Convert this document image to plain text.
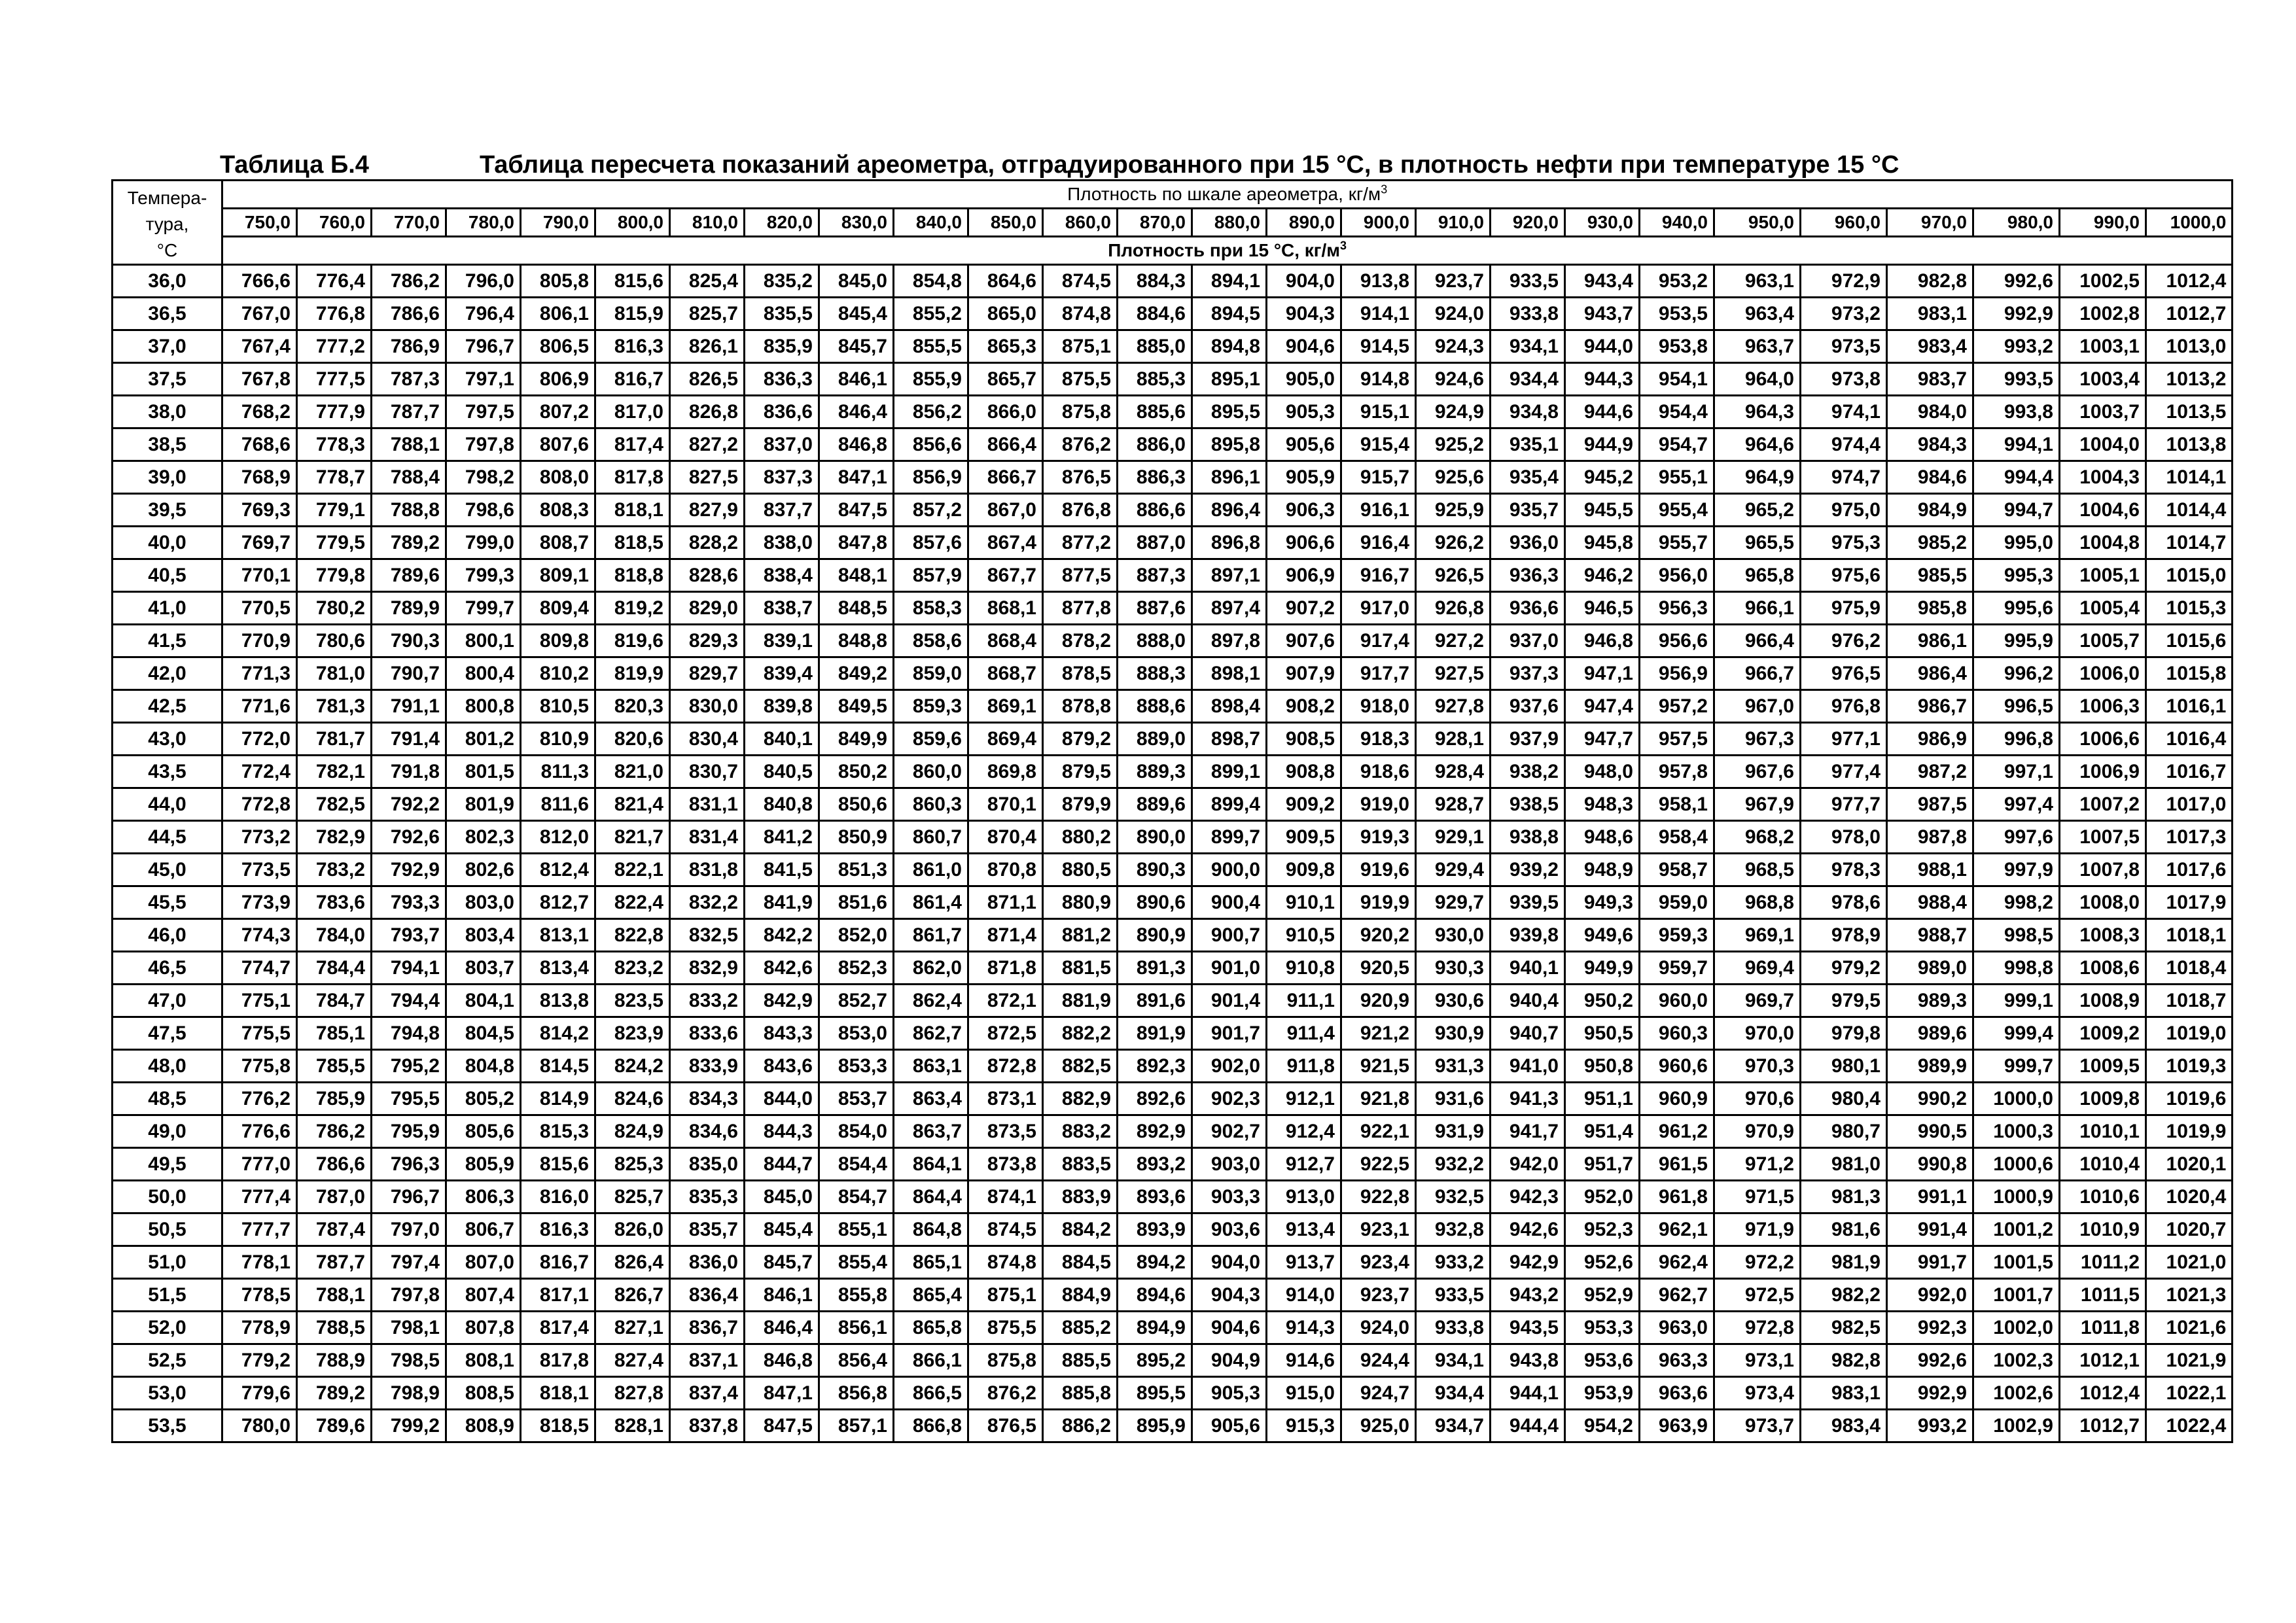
Таблица Б.4	Таблица пересчета показаний ареометра, отградуированного при 15 °С, в плотность нефти при температуре 15 °С
Темпера-
тура,
°С	Плотность по шкале ареометра, $кг/м^3$
	750,0	760,0	770,0	780,0	790,0	800,0	810,0	820,0	830,0	840,0	850,0	860,0	870,0	880,0	890,0	900,0	910,0	920,0	930,0	940,0	950,0	960,0	970,0	980,0	990,0	1000,0
	Плотность при 15 °С, $кг/м^3$
36,0	766,6	776,4	786,2	796,0	805,8	815,6	825,4	835,2	845,0	854,8	864,6	874,5	884,3	894,1	904,0	913,8	923,7	933,5	943,4	953,2	963,1	972,9	982,8	992,6	1002,5	1012,4
36,5	767,0	776,8	786,6	796,4	806,1	815,9	825,7	835,5	845,4	855,2	865,0	874,8	884,6	894,5	904,3	914,1	924,0	933,8	943,7	953,5	963,4	973,2	983,1	992,9	1002,8	1012,7
37,0	767,4	777,2	786,9	796,7	806,5	816,3	826,1	835,9	845,7	855,5	865,3	875,1	885,0	894,8	904,6	914,5	924,3	934,1	944,0	953,8	963,7	973,5	983,4	993,2	1003,1	1013,0
37,5	767,8	777,5	787,3	797,1	806,9	816,7	826,5	836,3	846,1	855,9	865,7	875,5	885,3	895,1	905,0	914,8	924,6	934,4	944,3	954,1	964,0	973,8	983,7	993,5	1003,4	1013,2
38,0	768,2	777,9	787,7	797,5	807,2	817,0	826,8	836,6	846,4	856,2	866,0	875,8	885,6	895,5	905,3	915,1	924,9	934,8	944,6	954,4	964,3	974,1	984,0	993,8	1003,7	1013,5
38,5	768,6	778,3	788,1	797,8	807,6	817,4	827,2	837,0	846,8	856,6	866,4	876,2	886,0	895,8	905,6	915,4	925,2	935,1	944,9	954,7	964,6	974,4	984,3	994,1	1004,0	1013,8
39,0	768,9	778,7	788,4	798,2	808,0	817,8	827,5	837,3	847,1	856,9	866,7	876,5	886,3	896,1	905,9	915,7	925,6	935,4	945,2	955,1	964,9	974,7	984,6	994,4	1004,3	1014,1
39,5	769,3	779,1	788,8	798,6	808,3	818,1	827,9	837,7	847,5	857,2	867,0	876,8	886,6	896,4	906,3	916,1	925,9	935,7	945,5	955,4	965,2	975,0	984,9	994,7	1004,6	1014,4
40,0	769,7	779,5	789,2	799,0	808,7	818,5	828,2	838,0	847,8	857,6	867,4	877,2	887,0	896,8	906,6	916,4	926,2	936,0	945,8	955,7	965,5	975,3	985,2	995,0	1004,8	1014,7
40,5	770,1	779,8	789,6	799,3	809,1	818,8	828,6	838,4	848,1	857,9	867,7	877,5	887,3	897,1	906,9	916,7	926,5	936,3	946,2	956,0	965,8	975,6	985,5	995,3	1005,1	1015,0
41,0	770,5	780,2	789,9	799,7	809,4	819,2	829,0	838,7	848,5	858,3	868,1	877,8	887,6	897,4	907,2	917,0	926,8	936,6	946,5	956,3	966,1	975,9	985,8	995,6	1005,4	1015,3
41,5	770,9	780,6	790,3	800,1	809,8	819,6	829,3	839,1	848,8	858,6	868,4	878,2	888,0	897,8	907,6	917,4	927,2	937,0	946,8	956,6	966,4	976,2	986,1	995,9	1005,7	1015,6
42,0	771,3	781,0	790,7	800,4	810,2	819,9	829,7	839,4	849,2	859,0	868,7	878,5	888,3	898,1	907,9	917,7	927,5	937,3	947,1	956,9	966,7	976,5	986,4	996,2	1006,0	1015,8
42,5	771,6	781,3	791,1	800,8	810,5	820,3	830,0	839,8	849,5	859,3	869,1	878,8	888,6	898,4	908,2	918,0	927,8	937,6	947,4	957,2	967,0	976,8	986,7	996,5	1006,3	1016,1
43,0	772,0	781,7	791,4	801,2	810,9	820,6	830,4	840,1	849,9	859,6	869,4	879,2	889,0	898,7	908,5	918,3	928,1	937,9	947,7	957,5	967,3	977,1	986,9	996,8	1006,6	1016,4
43,5	772,4	782,1	791,8	801,5	811,3	821,0	830,7	840,5	850,2	860,0	869,8	879,5	889,3	899,1	908,8	918,6	928,4	938,2	948,0	957,8	967,6	977,4	987,2	997,1	1006,9	1016,7
44,0	772,8	782,5	792,2	801,9	811,6	821,4	831,1	840,8	850,6	860,3	870,1	879,9	889,6	899,4	909,2	919,0	928,7	938,5	948,3	958,1	967,9	977,7	987,5	997,4	1007,2	1017,0
44,5	773,2	782,9	792,6	802,3	812,0	821,7	831,4	841,2	850,9	860,7	870,4	880,2	890,0	899,7	909,5	919,3	929,1	938,8	948,6	958,4	968,2	978,0	987,8	997,6	1007,5	1017,3
45,0	773,5	783,2	792,9	802,6	812,4	822,1	831,8	841,5	851,3	861,0	870,8	880,5	890,3	900,0	909,8	919,6	929,4	939,2	948,9	958,7	968,5	978,3	988,1	997,9	1007,8	1017,6
45,5	773,9	783,6	793,3	803,0	812,7	822,4	832,2	841,9	851,6	861,4	871,1	880,9	890,6	900,4	910,1	919,9	929,7	939,5	949,3	959,0	968,8	978,6	988,4	998,2	1008,0	1017,9
46,0	774,3	784,0	793,7	803,4	813,1	822,8	832,5	842,2	852,0	861,7	871,4	881,2	890,9	900,7	910,5	920,2	930,0	939,8	949,6	959,3	969,1	978,9	988,7	998,5	1008,3	1018,1
46,5	774,7	784,4	794,1	803,7	813,4	823,2	832,9	842,6	852,3	862,0	871,8	881,5	891,3	901,0	910,8	920,5	930,3	940,1	949,9	959,7	969,4	979,2	989,0	998,8	1008,6	1018,4
47,0	775,1	784,7	794,4	804,1	813,8	823,5	833,2	842,9	852,7	862,4	872,1	881,9	891,6	901,4	911,1	920,9	930,6	940,4	950,2	960,0	969,7	979,5	989,3	999,1	1008,9	1018,7
47,5	775,5	785,1	794,8	804,5	814,2	823,9	833,6	843,3	853,0	862,7	872,5	882,2	891,9	901,7	911,4	921,2	930,9	940,7	950,5	960,3	970,0	979,8	989,6	999,4	1009,2	1019,0
48,0	775,8	785,5	795,2	804,8	814,5	824,2	833,9	843,6	853,3	863,1	872,8	882,5	892,3	902,0	911,8	921,5	931,3	941,0	950,8	960,6	970,3	980,1	989,9	999,7	1009,5	1019,3
48,5	776,2	785,9	795,5	805,2	814,9	824,6	834,3	844,0	853,7	863,4	873,1	882,9	892,6	902,3	912,1	921,8	931,6	941,3	951,1	960,9	970,6	980,4	990,2	1000,0	1009,8	1019,6
49,0	776,6	786,2	795,9	805,6	815,3	824,9	834,6	844,3	854,0	863,7	873,5	883,2	892,9	902,7	912,4	922,1	931,9	941,7	951,4	961,2	970,9	980,7	990,5	1000,3	1010,1	1019,9
49,5	777,0	786,6	796,3	805,9	815,6	825,3	835,0	844,7	854,4	864,1	873,8	883,5	893,2	903,0	912,7	922,5	932,2	942,0	951,7	961,5	971,2	981,0	990,8	1000,6	1010,4	1020,1
50,0	777,4	787,0	796,7	806,3	816,0	825,7	835,3	845,0	854,7	864,4	874,1	883,9	893,6	903,3	913,0	922,8	932,5	942,3	952,0	961,8	971,5	981,3	991,1	1000,9	1010,6	1020,4
50,5	777,7	787,4	797,0	806,7	816,3	826,0	835,7	845,4	855,1	864,8	874,5	884,2	893,9	903,6	913,4	923,1	932,8	942,6	952,3	962,1	971,9	981,6	991,4	1001,2	1010,9	1020,7
51,0	778,1	787,7	797,4	807,0	816,7	826,4	836,0	845,7	855,4	865,1	874,8	884,5	894,2	904,0	913,7	923,4	933,2	942,9	952,6	962,4	972,2	981,9	991,7	1001,5	1011,2	1021,0
51,5	778,5	788,1	797,8	807,4	817,1	826,7	836,4	846,1	855,8	865,4	875,1	884,9	894,6	904,3	914,0	923,7	933,5	943,2	952,9	962,7	972,5	982,2	992,0	1001,7	1011,5	1021,3
52,0	778,9	788,5	798,1	807,8	817,4	827,1	836,7	846,4	856,1	865,8	875,5	885,2	894,9	904,6	914,3	924,0	933,8	943,5	953,3	963,0	972,8	982,5	992,3	1002,0	1011,8	1021,6
52,5	779,2	788,9	798,5	808,1	817,8	827,4	837,1	846,8	856,4	866,1	875,8	885,5	895,2	904,9	914,6	924,4	934,1	943,8	953,6	963,3	973,1	982,8	992,6	1002,3	1012,1	1021,9
53,0	779,6	789,2	798,9	808,5	818,1	827,8	837,4	847,1	856,8	866,5	876,2	885,8	895,5	905,3	915,0	924,7	934,4	944,1	953,9	963,6	973,4	983,1	992,9	1002,6	1012,4	1022,1
53,5	780,0	789,6	799,2	808,9	818,5	828,1	837,8	847,5	857,1	866,8	876,5	886,2	895,9	905,6	915,3	925,0	934,7	944,4	954,2	963,9	973,7	983,4	993,2	1002,9	1012,7	1022,4
